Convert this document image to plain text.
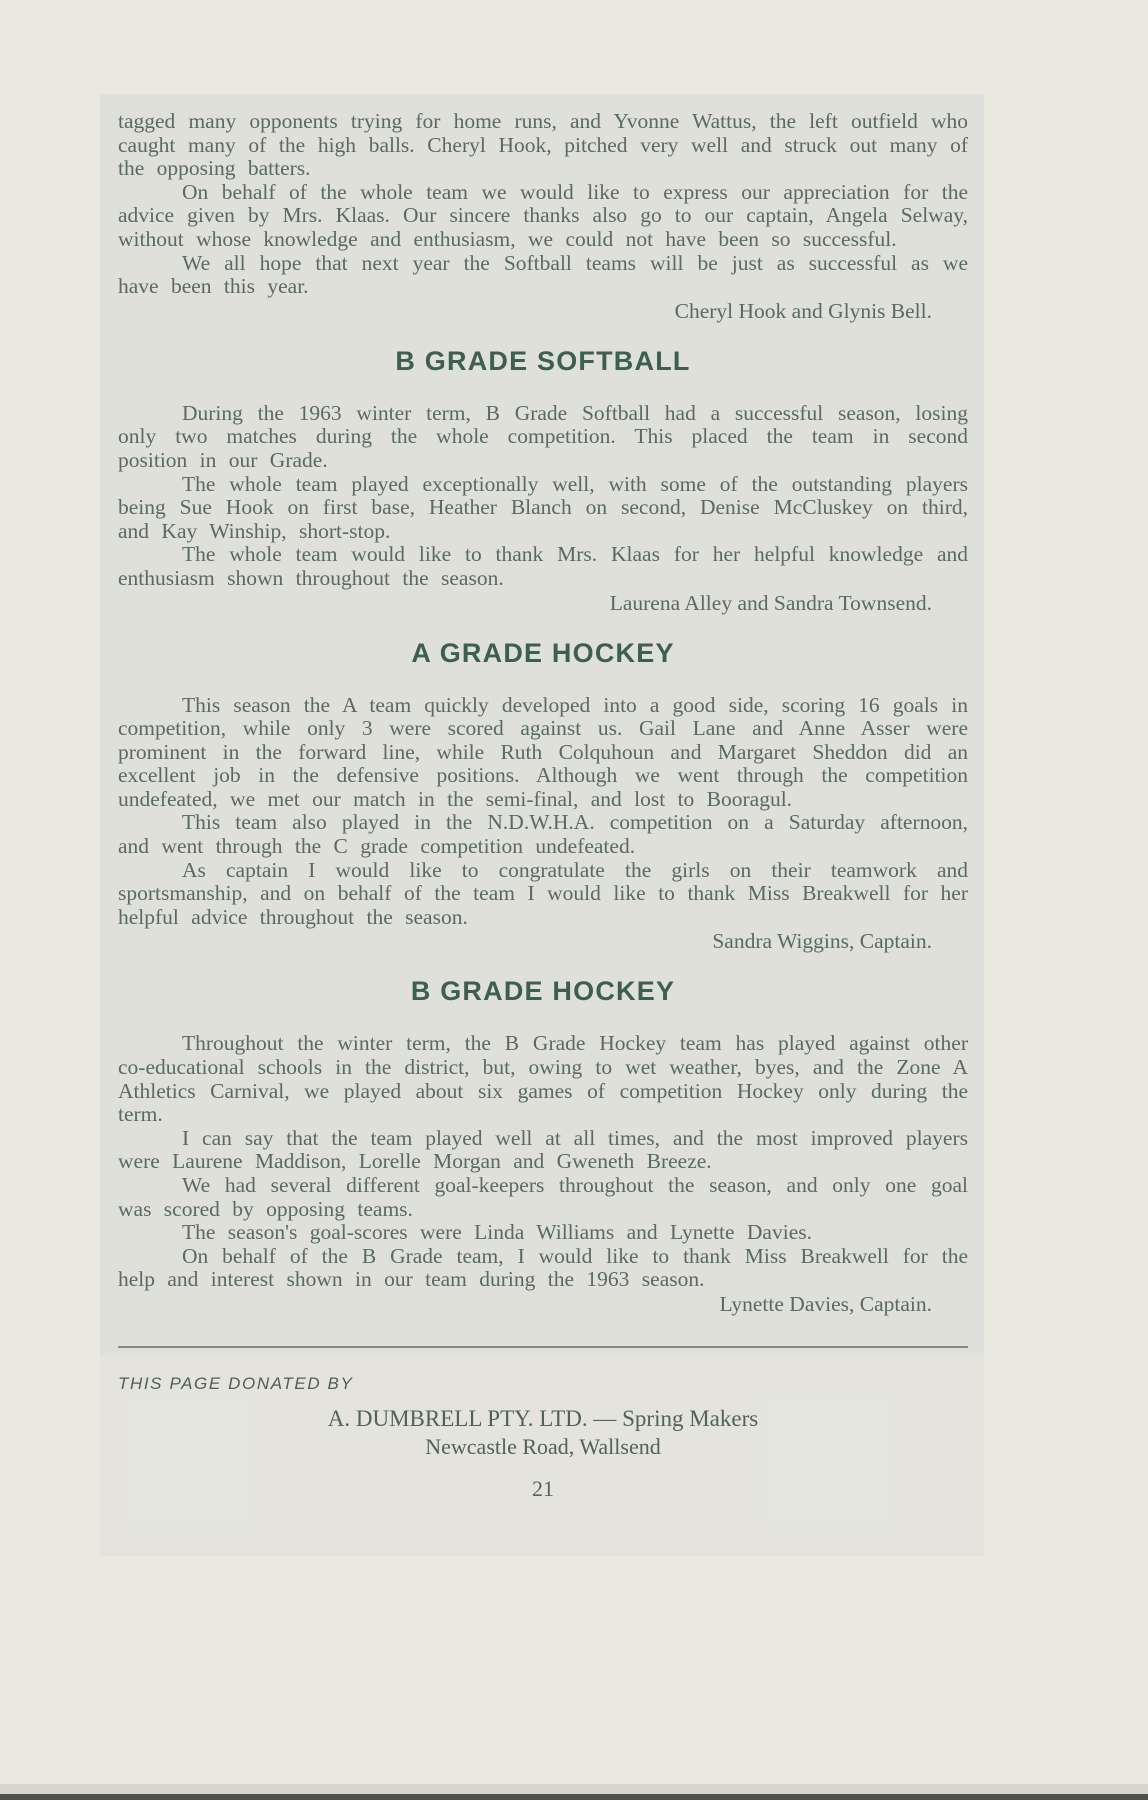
tagged many opponents trying for home runs, and Yvonne Wattus, the left outfield who caught many of the high balls. Cheryl Hook, pitched very well and struck out many of the opposing batters.

On behalf of the whole team we would like to express our appreciation for the advice given by Mrs. Klaas. Our sincere thanks also go to our captain, Angela Selway, without whose knowledge and enthusiasm, we could not have been so successful.

We all hope that next year the Softball teams will be just as successful as we have been this year.

Cheryl Hook and Glynis Bell.

B GRADE SOFTBALL

During the 1963 winter term, B Grade Softball had a successful season, losing only two matches during the whole competition. This placed the team in second position in our Grade.

The whole team played exceptionally well, with some of the outstanding players being Sue Hook on first base, Heather Blanch on second, Denise McCluskey on third, and Kay Winship, short-stop.

The whole team would like to thank Mrs. Klaas for her helpful knowledge and enthusiasm shown throughout the season.

Laurena Alley and Sandra Townsend.

A GRADE HOCKEY

This season the A team quickly developed into a good side, scoring 16 goals in competition, while only 3 were scored against us. Gail Lane and Anne Asser were prominent in the forward line, while Ruth Colquhoun and Margaret Sheddon did an excellent job in the defensive positions. Although we went through the competition undefeated, we met our match in the semi-final, and lost to Booragul.

This team also played in the N.D.W.H.A. competition on a Saturday afternoon, and went through the C grade competition undefeated.

As captain I would like to congratulate the girls on their teamwork and sportsmanship, and on behalf of the team I would like to thank Miss Breakwell for her helpful advice throughout the season.

Sandra Wiggins, Captain.

B GRADE HOCKEY

Throughout the winter term, the B Grade Hockey team has played against other co-educational schools in the district, but, owing to wet weather, byes, and the Zone A Athletics Carnival, we played about six games of competition Hockey only during the term.

I can say that the team played well at all times, and the most improved players were Laurene Maddison, Lorelle Morgan and Gweneth Breeze.

We had several different goal-keepers throughout the season, and only one goal was scored by opposing teams.

The season's goal-scores were Linda Williams and Lynette Davies.

On behalf of the B Grade team, I would like to thank Miss Breakwell for the help and interest shown in our team during the 1963 season.

Lynette Davies, Captain.

THIS PAGE DONATED BY
A. DUMBRELL PTY. LTD. — Spring Makers
Newcastle Road, Wallsend
21
